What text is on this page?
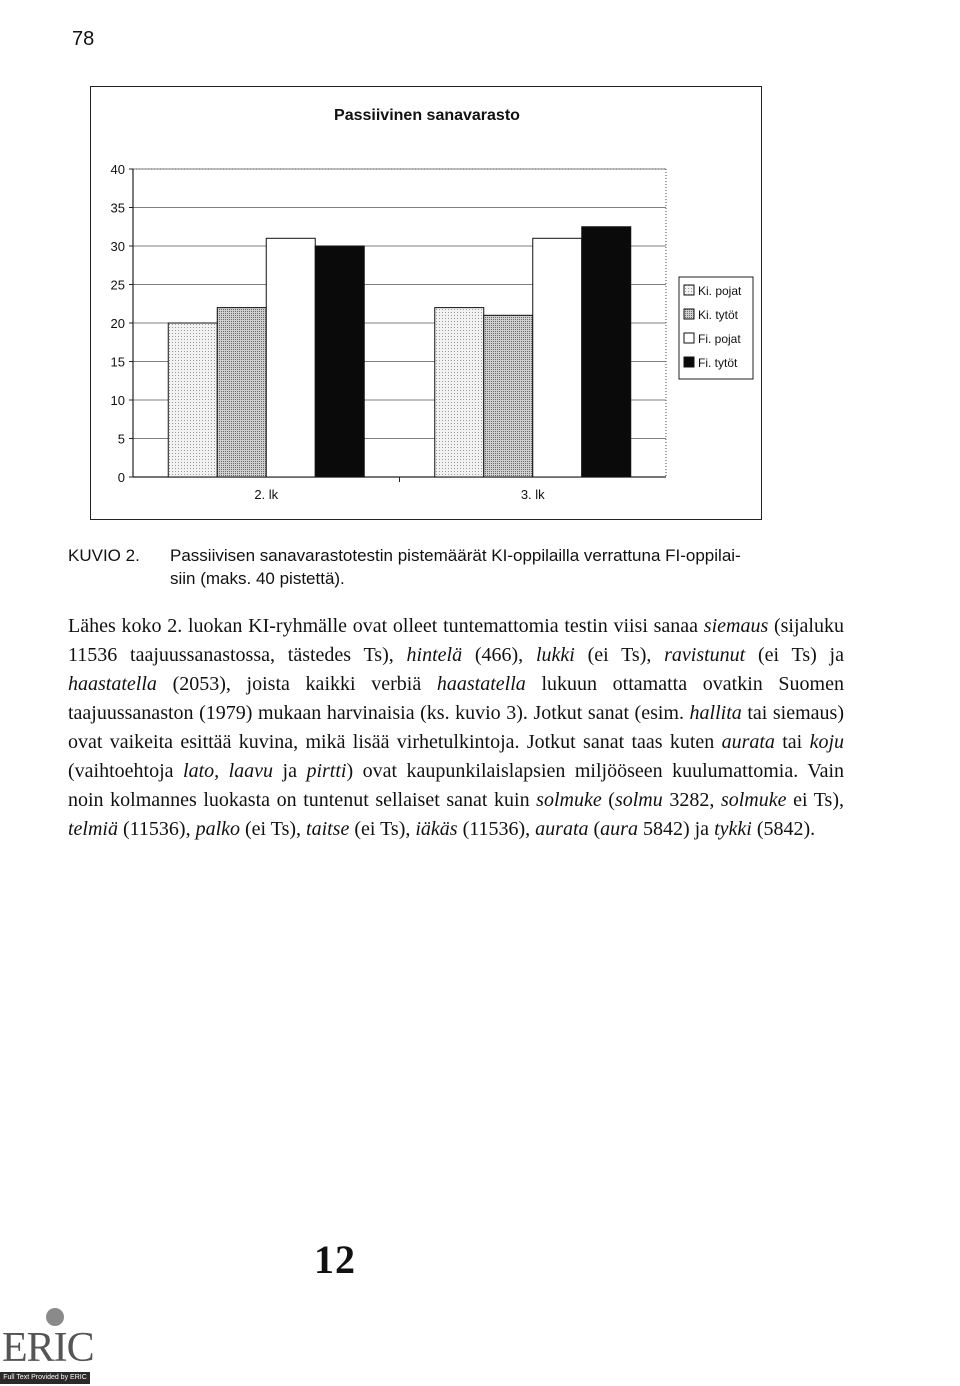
78
Passiivinen sanavarasto
0
5
10
15
20
25
30
35
40
2. lk	3. lk
Ki. pojat
Ki. tytöt
Fi. pojat
Fi. tytöt
KUVIO 2. Passiivisen sanavarastotestin pistemäärät KI-oppilailla verrattuna FI-oppilai-
siin (maks. 40 pistettä).

Lähes koko 2. luokan KI-ryhmälle ovat olleet tuntemattomia testin viisi sanaa siemaus (sijaluku 11536 taajuussanastossa, tästedes Ts), hintelä (466), lukki (ei Ts), ravistunut (ei Ts) ja haastatella (2053), joista kaikki verbiä haastatella lukuun ottamatta ovatkin Suomen taajuussanaston (1979) mukaan harvinaisia (ks. kuvio 3). Jotkut sanat (esim. hallita tai siemaus) ovat vaikeita esittää kuvina, mikä lisää virhetulkintoja. Jotkut sanat taas kuten aurata tai koju (vaihtoehtoja lato, laavu ja pirtti) ovat kaupunkilaislapsien miljööseen kuulumattomia. Vain noin kolmannes luokasta on tuntenut sellaiset sanat kuin solmuke (solmu 3282, solmuke ei Ts), telmiä (11536), palko (ei Ts), taitse (ei Ts), iäkäs (11536), aurata (aura 5842) ja tykki (5842).

12
ERIC
Full Text Provided by ERIC
